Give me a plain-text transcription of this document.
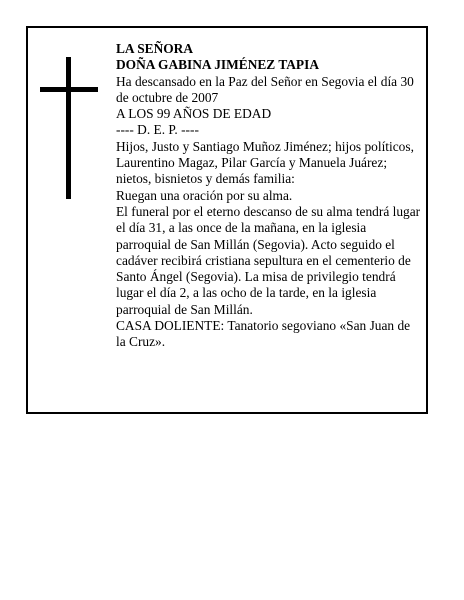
LA SEÑORA

DOÑA GABINA JIMÉNEZ TAPIA

Ha descansado en la Paz del Señor en Segovia el día 30 de octubre de 2007

A LOS 99 AÑOS DE EDAD

---- D. E. P. ----

Hijos, Justo y Santiago Muñoz Jiménez; hijos políticos, Laurentino Magaz, Pilar García y Manuela Juárez; nietos, bisnietos y demás familia:

Ruegan una oración por su alma.

El funeral por el eterno descanso de su alma tendrá lugar el día 31, a las once de la mañana, en la iglesia parroquial de San Millán (Segovia). Acto seguido el cadáver recibirá cristiana sepultura en el cementerio de Santo Ángel (Segovia). La misa de privilegio tendrá lugar el día 2, a las ocho de la tarde, en la iglesia parroquial de San Millán.

CASA DOLIENTE: Tanatorio segoviano «San Juan de la Cruz».
